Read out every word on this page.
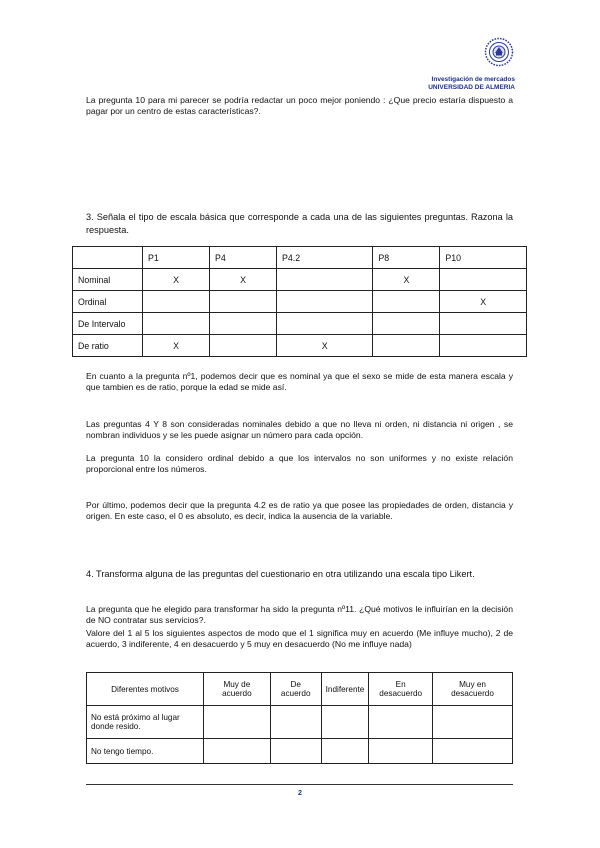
Investigación de mercados
UNIVERSIDAD DE ALMERIA

La pregunta 10 para mi parecer se podría redactar un poco mejor poniendo : ¿Que precio estaría dispuesto a pagar por un centro de estas características?.

3. Señala el tipo de escala básica que corresponde a cada una de las siguientes preguntas. Razona la respuesta.

	P1	P4	P4.2	P8	P10
Nominal	X	X		X	
Ordinal					X
De Intervalo					
De ratio	X		X		

En cuanto a la pregunta nº1, podemos decir que es nominal ya que el sexo se mide de esta manera escala y que tambien es de ratio, porque la edad se mide así.

Las preguntas 4 Y 8 son consideradas nominales debido a que no lleva ni orden, ni distancia ni origen , se nombran individuos y se les puede asignar un número para cada opción.

La pregunta 10 la considero ordinal debido a que los intervalos no son uniformes y no existe relación proporcional entre los números.

Por último, podemos decir que la pregunta 4.2 es de ratio ya que posee las propiedades de orden, distancia y origen. En este caso, el 0 es absoluto, es decir, indica la ausencia de la variable.

4. Transforma alguna de las preguntas del cuestionario en otra utilizando una escala tipo Likert.

La pregunta que he elegido para transformar ha sido la pregunta nº11. ¿Qué motivos le influirían en la decisión de NO contratar sus servicios?.

Valore del 1 al 5 los siguientes aspectos de modo que el 1 significa muy en acuerdo (Me influye mucho), 2 de acuerdo, 3 indiferente, 4 en desacuerdo y 5 muy en desacuerdo (No me influye nada)

Diferentes motivos	Muy de acuerdo	De acuerdo	Indiferente	En desacuerdo	Muy en desacuerdo
No está próximo al lugar donde resido.					
No tengo tiempo.					
2
